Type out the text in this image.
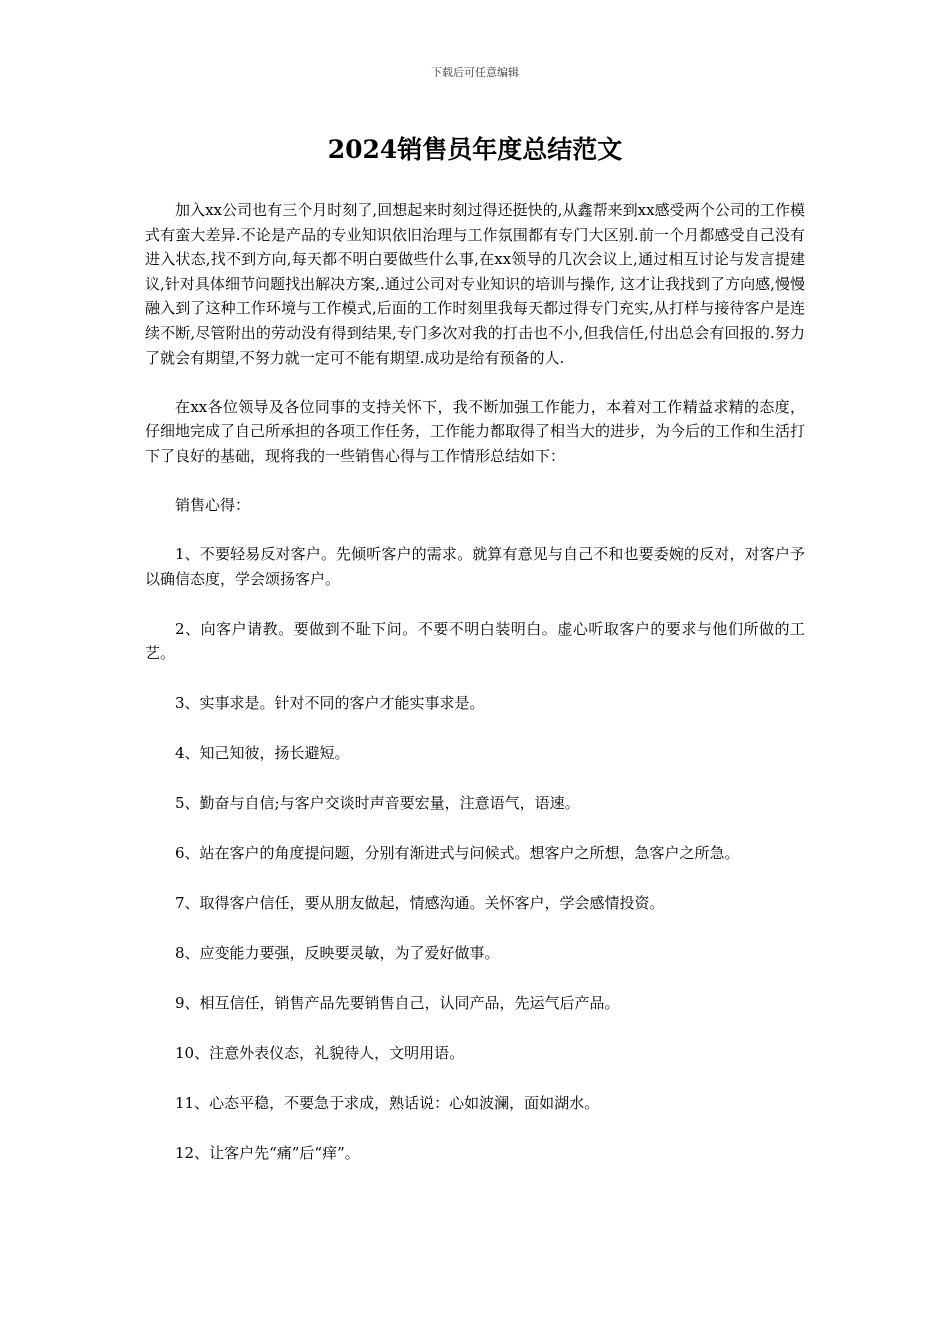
下载后可任意编辑
2024销售员年度总结范文

加入xx公司也有三个月时刻了,回想起来时刻过得还挺快的,从鑫帮来到xx感受两个公司的工作模式有蛮大差异.不论是产品的专业知识依旧治理与工作氛围都有专门大区别.前一个月都感受自己没有进入状态,找不到方向,每天都不明白要做些什么事,在xx领导的几次会议上,通过相互讨论与发言提建议,针对具体细节问题找出解决方案,.通过公司对专业知识的培训与操作, 这才让我找到了方向感,慢慢融入到了这种工作环境与工作模式,后面的工作时刻里我每天都过得专门充实,从打样与接待客户是连续不断,尽管附出的劳动没有得到结果,专门多次对我的打击也不小,但我信任,付出总会有回报的.努力了就会有期望,不努力就一定可不能有期望.成功是给有预备的人.

在xx各位领导及各位同事的支持关怀下，我不断加强工作能力，本着对工作精益求精的态度，仔细地完成了自己所承担的各项工作任务，工作能力都取得了相当大的进步，为今后的工作和生活打下了良好的基础，现将我的一些销售心得与工作情形总结如下：

销售心得：

1、不要轻易反对客户。先倾听客户的需求。就算有意见与自己不和也要委婉的反对，对客户予以确信态度，学会颂扬客户。

2、向客户请教。要做到不耻下问。不要不明白装明白。虚心听取客户的要求与他们所做的工艺。

3、实事求是。针对不同的客户才能实事求是。

4、知己知彼，扬长避短。

5、勤奋与自信;与客户交谈时声音要宏量，注意语气，语速。

6、站在客户的角度提问题，分别有渐进式与问候式。想客户之所想，急客户之所急。

7、取得客户信任，要从朋友做起，情感沟通。关怀客户，学会感情投资。

8、应变能力要强，反映要灵敏，为了爱好做事。

9、相互信任，销售产品先要销售自己，认同产品，先运气后产品。

10、注意外表仪态，礼貌待人，文明用语。

11、心态平稳，不要急于求成，熟话说：心如波澜，面如湖水。

12、让客户先“痛”后“痒”。
